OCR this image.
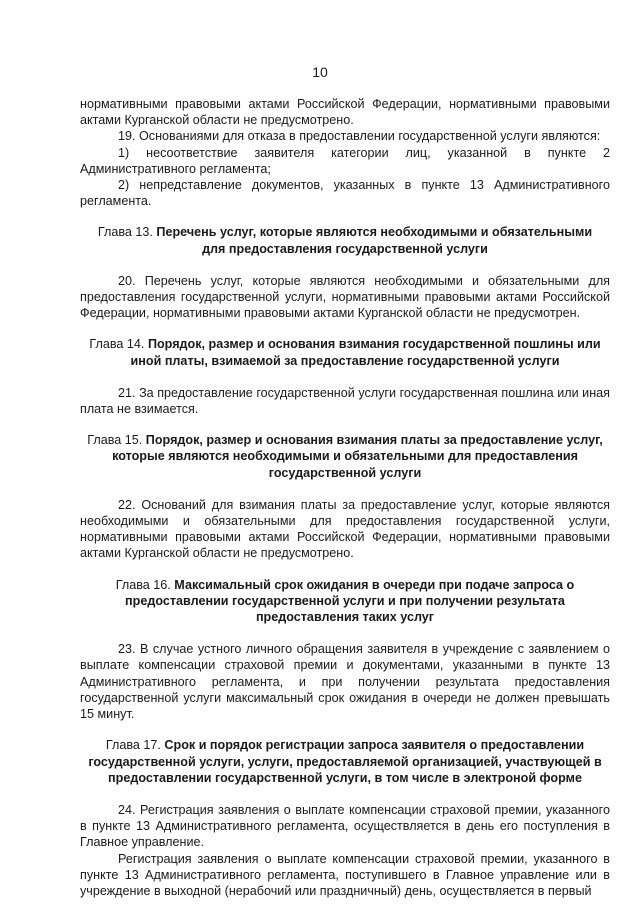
10

нормативными правовыми актами Российской Федерации, нормативными правовыми актами Курганской области не предусмотрено.

19. Основаниями для отказа в предоставлении государственной услуги являются:

1) несоответствие заявителя категории лиц, указанной в пункте 2 Административного регламента;

2) непредставление документов, указанных в пункте 13 Административного регламента.

Глава 13. Перечень услуг, которые являются необходимыми и обязательными для предоставления государственной услуги

20. Перечень услуг, которые являются необходимыми и обязательными для предоставления государственной услуги, нормативными правовыми актами Российской Федерации, нормативными правовыми актами Курганской области не предусмотрен.

Глава 14. Порядок, размер и основания взимания государственной пошлины или иной платы, взимаемой за предоставление государственной услуги

21. За предоставление государственной услуги государственная пошлина или иная плата не взимается.

Глава 15. Порядок, размер и основания взимания платы за предоставление услуг, которые являются необходимыми и обязательными для предоставления государственной услуги

22. Оснований для взимания платы за предоставление услуг, которые являются необходимыми и обязательными для предоставления государственной услуги, нормативными правовыми актами Российской Федерации, нормативными правовыми актами Курганской области не предусмотрено.

Глава 16. Максимальный срок ожидания в очереди при подаче запроса о предоставлении государственной услуги и при получении результата предоставления таких услуг

23. В случае устного личного обращения заявителя в учреждение с заявлением о выплате компенсации страховой премии и документами, указанными в пункте 13 Административного регламента, и при получении результата предоставления государственной услуги максимальный срок ожидания в очереди не должен превышать 15 минут.

Глава 17. Срок и порядок регистрации запроса заявителя о предоставлении государственной услуги, услуги, предоставляемой организацией, участвующей в предоставлении государственной услуги, в том числе в электроной форме

24. Регистрация заявления о выплате компенсации страховой премии, указанного в пункте 13 Административного регламента, осуществляется в день его поступления в Главное управление.

Регистрация заявления о выплате компенсации страховой премии, указанного в пункте 13 Административного регламента, поступившего в Главное управление или в учреждение в выходной (нерабочий или праздничный) день, осуществляется в первый
